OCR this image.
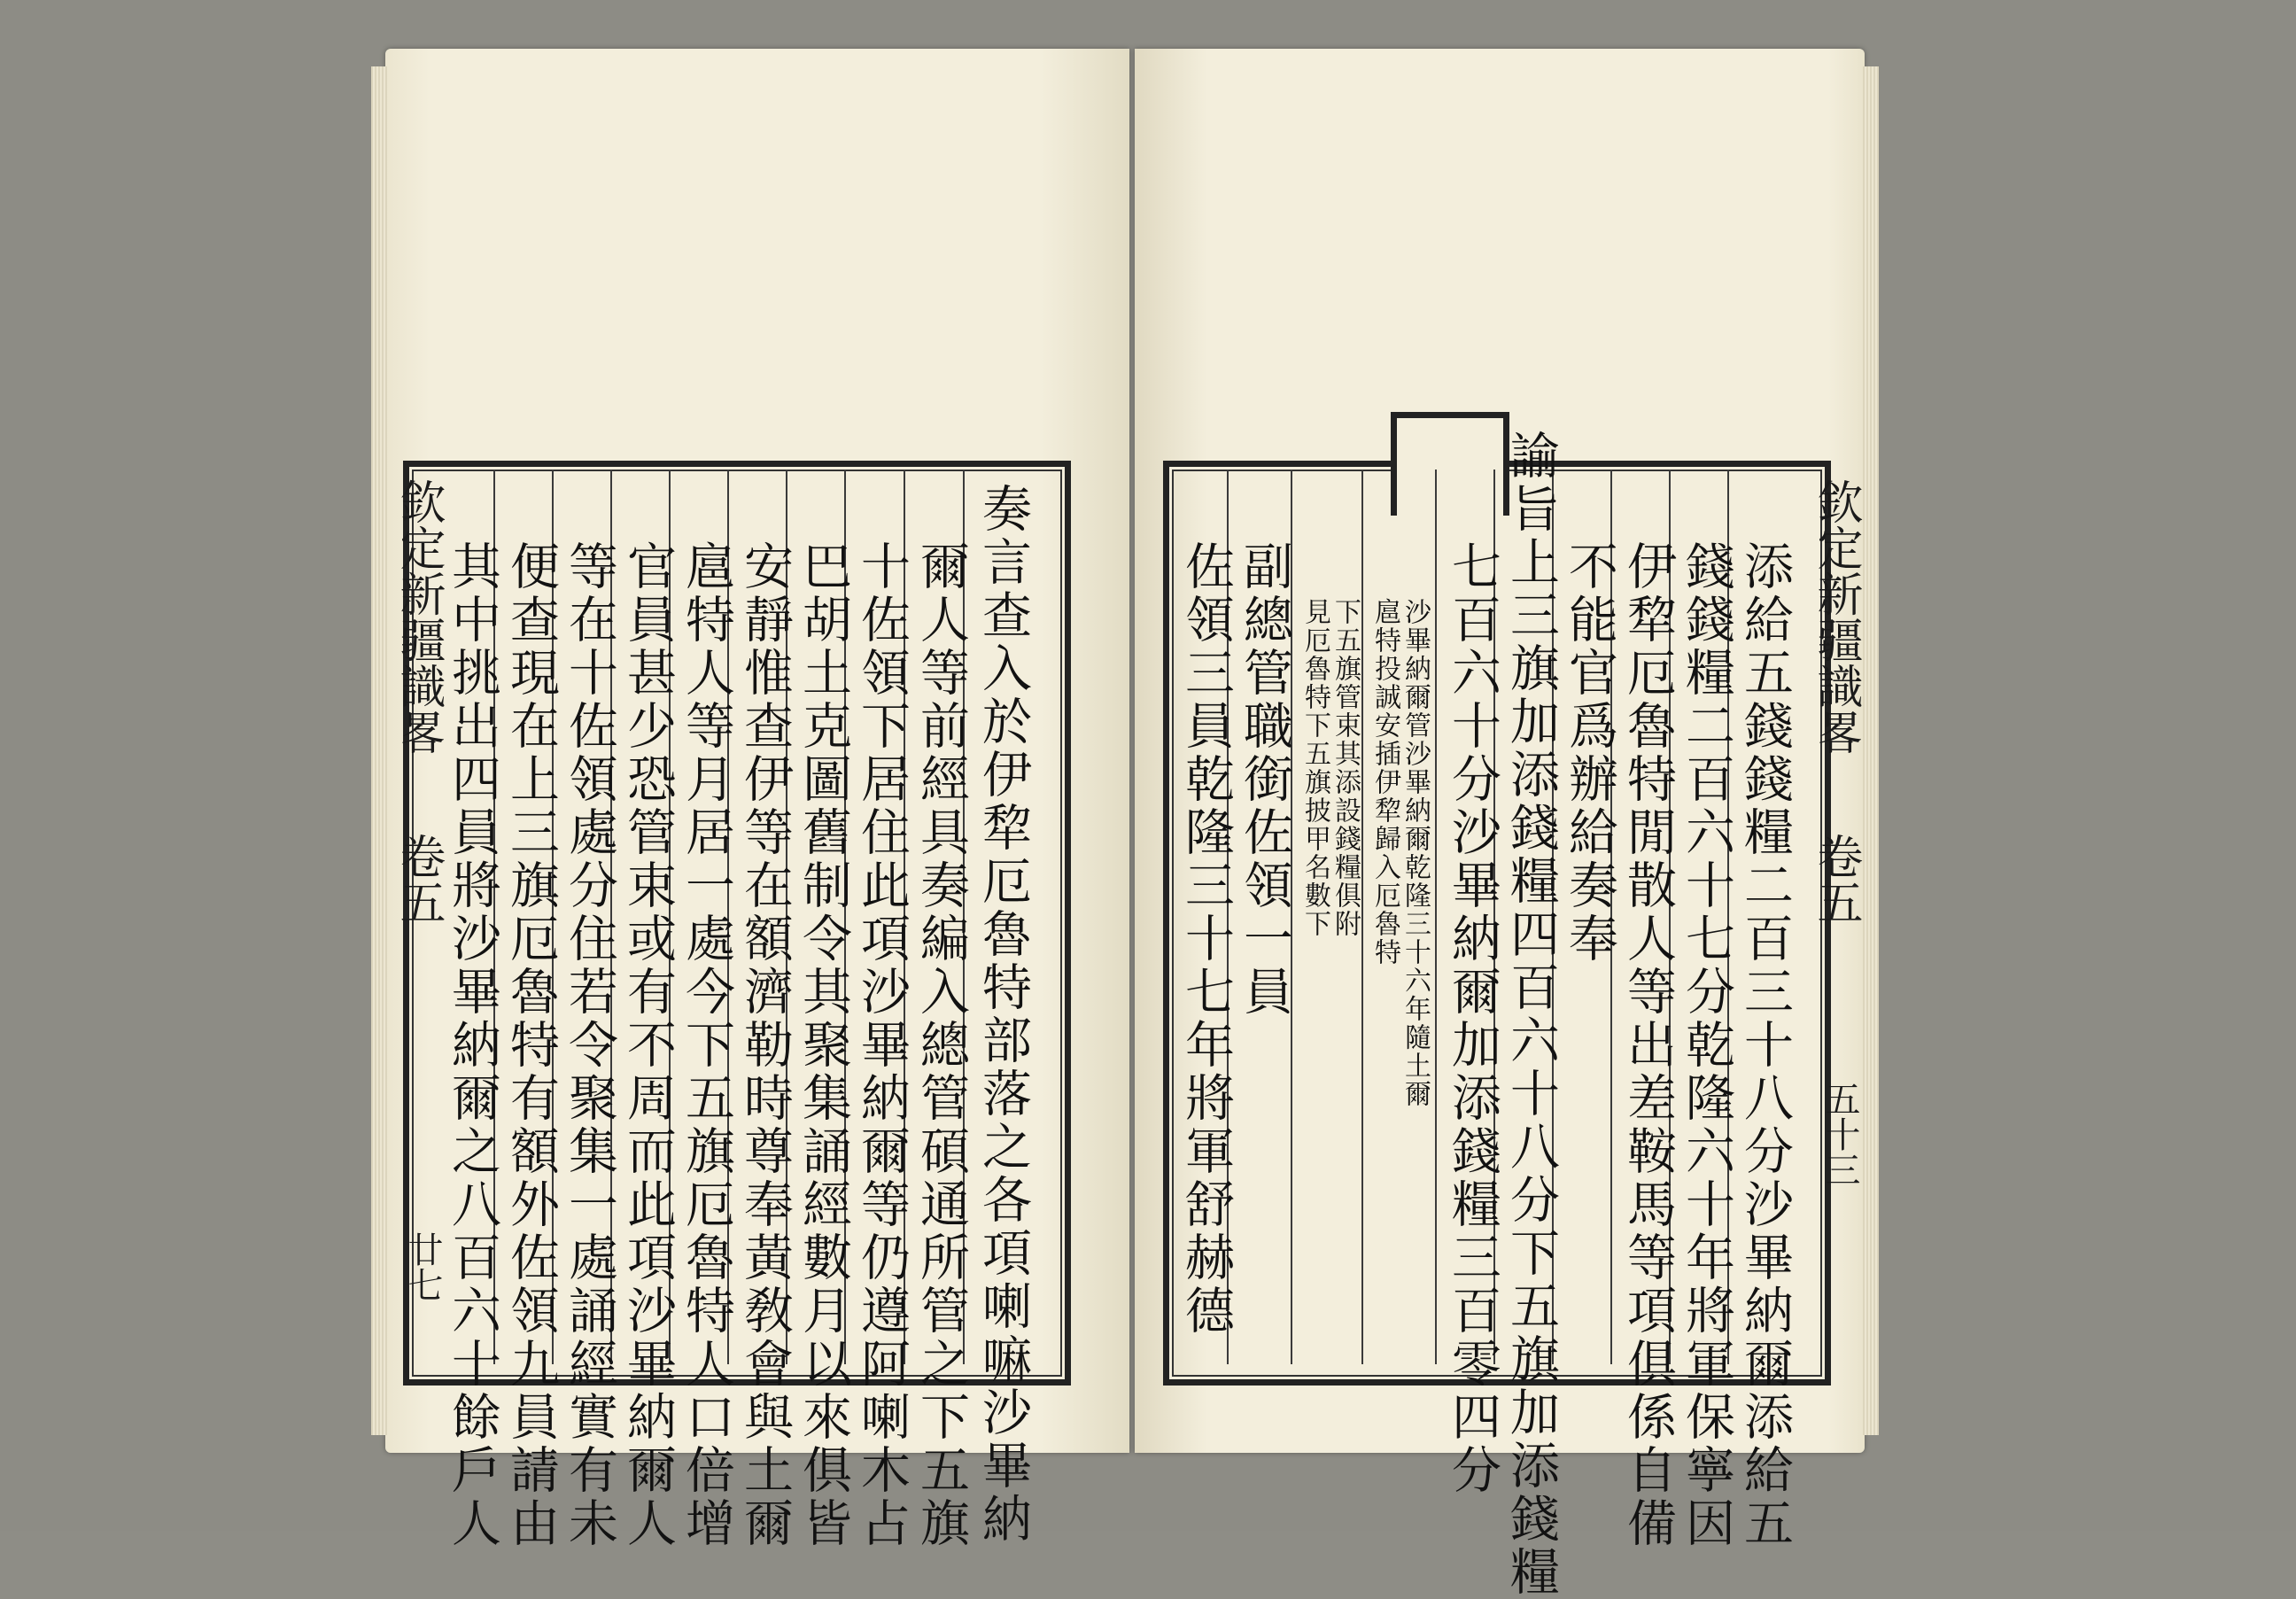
欽定新疆識畧
卷五
廿七	奏言查入於伊犂厄魯特部落之各項喇嘛沙畢納
爾人等前經具奏編入總管碩通所管之下五旗
十佐領下居住此項沙畢納爾等仍遵阿喇木占
巴胡土克圖舊制令其聚集誦經數月以來俱皆
安靜惟查伊等在額濟勒時尊奉黃敎會與土爾
扈特人等月居一處今下五旗厄魯特人口倍增
官員甚少恐管束或有不周而此項沙畢納爾人
等在十佐領處分住若令聚集一處誦經實有未
便查現在上三旗厄魯特有額外佐領九員請由
其中挑出四員將沙畢納爾之八百六十餘戶人	欽定新疆識畧
卷五
五十三
添給五錢錢糧二百三十八分沙畢納爾添給五
錢錢糧二百六十七分乾隆六十年將軍保寧因
伊犂厄魯特閒散人等出差鞍馬等項俱係自備
不能官爲辦給奏奉
諭旨上三旗加添錢糧四百六十八分下五旗加添錢糧
七百六十分沙畢納爾加添錢糧三百零四分
沙畢納爾管沙畢納爾乾隆三十六年隨土爾
扈特投誠安插伊犂歸入厄魯特
下五旗管束其添設錢糧俱附
見厄魯特下五旗披甲名數下
副總管職銜佐領一員
佐領三員乾隆三十七年將軍舒赫德
